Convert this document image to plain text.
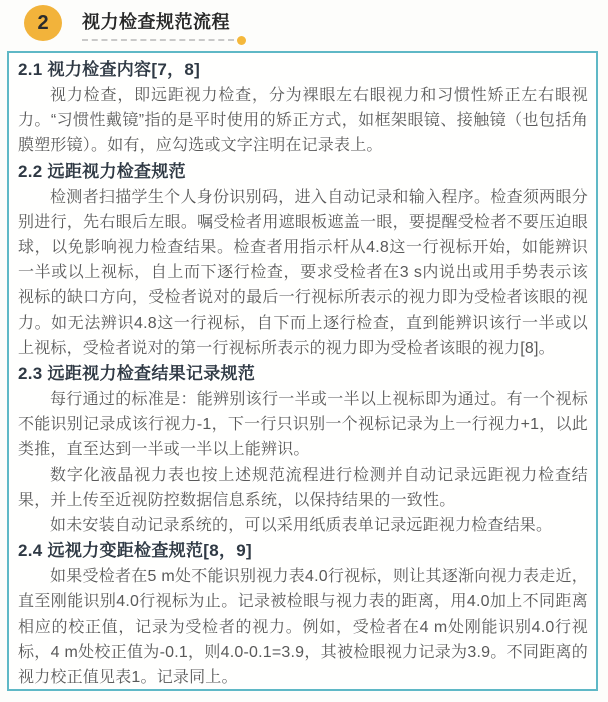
2	视力检查规范流程
2.1 视力检查内容[7，8]

视力检查，即远距视力检查，分为裸眼左右眼视力和习惯性矫正左右眼视力。“习惯性戴镜”指的是平时使用的矫正方式，如框架眼镜、接触镜（也包括角膜塑形镜）。如有，应勾选或文字注明在记录表上。

2.2 远距视力检查规范

检测者扫描学生个人身份识别码，进入自动记录和输入程序。检查须两眼分别进行，先右眼后左眼。嘱受检者用遮眼板遮盖一眼，要提醒受检者不要压迫眼球，以免影响视力检查结果。检查者用指示杆从4.8这一行视标开始，如能辨识一半或以上视标，自上而下逐行检查，要求受检者在3 s内说出或用手势表示该视标的缺口方向，受检者说对的最后一行视标所表示的视力即为受检者该眼的视力。如无法辨识4.8这一行视标，自下而上逐行检查，直到能辨识该行一半或以上视标，受检者说对的第一行视标所表示的视力即为受检者该眼的视力[8]。

2.3 远距视力检查结果记录规范

每行通过的标准是：能辨别该行一半或一半以上视标即为通过。有一个视标不能识别记录成该行视力-1，下一行只识别一个视标记录为上一行视力+1，以此类推，直至达到一半或一半以上能辨识。

数字化液晶视力表也按上述规范流程进行检测并自动记录远距视力检查结果，并上传至近视防控数据信息系统，以保持结果的一致性。

如未安装自动记录系统的，可以采用纸质表单记录远距视力检查结果。

2.4 远视力变距检查规范[8，9]

如果受检者在5 m处不能识别视力表4.0行视标，则让其逐渐向视力表走近，直至刚能识别4.0行视标为止。记录被检眼与视力表的距离，用4.0加上不同距离相应的校正值，记录为受检者的视力。例如，受检者在4 m处刚能识别4.0行视标，4 m处校正值为-0.1，则4.0-0.1=3.9，其被检眼视力记录为3.9。不同距离的视力校正值见表1。记录同上。
